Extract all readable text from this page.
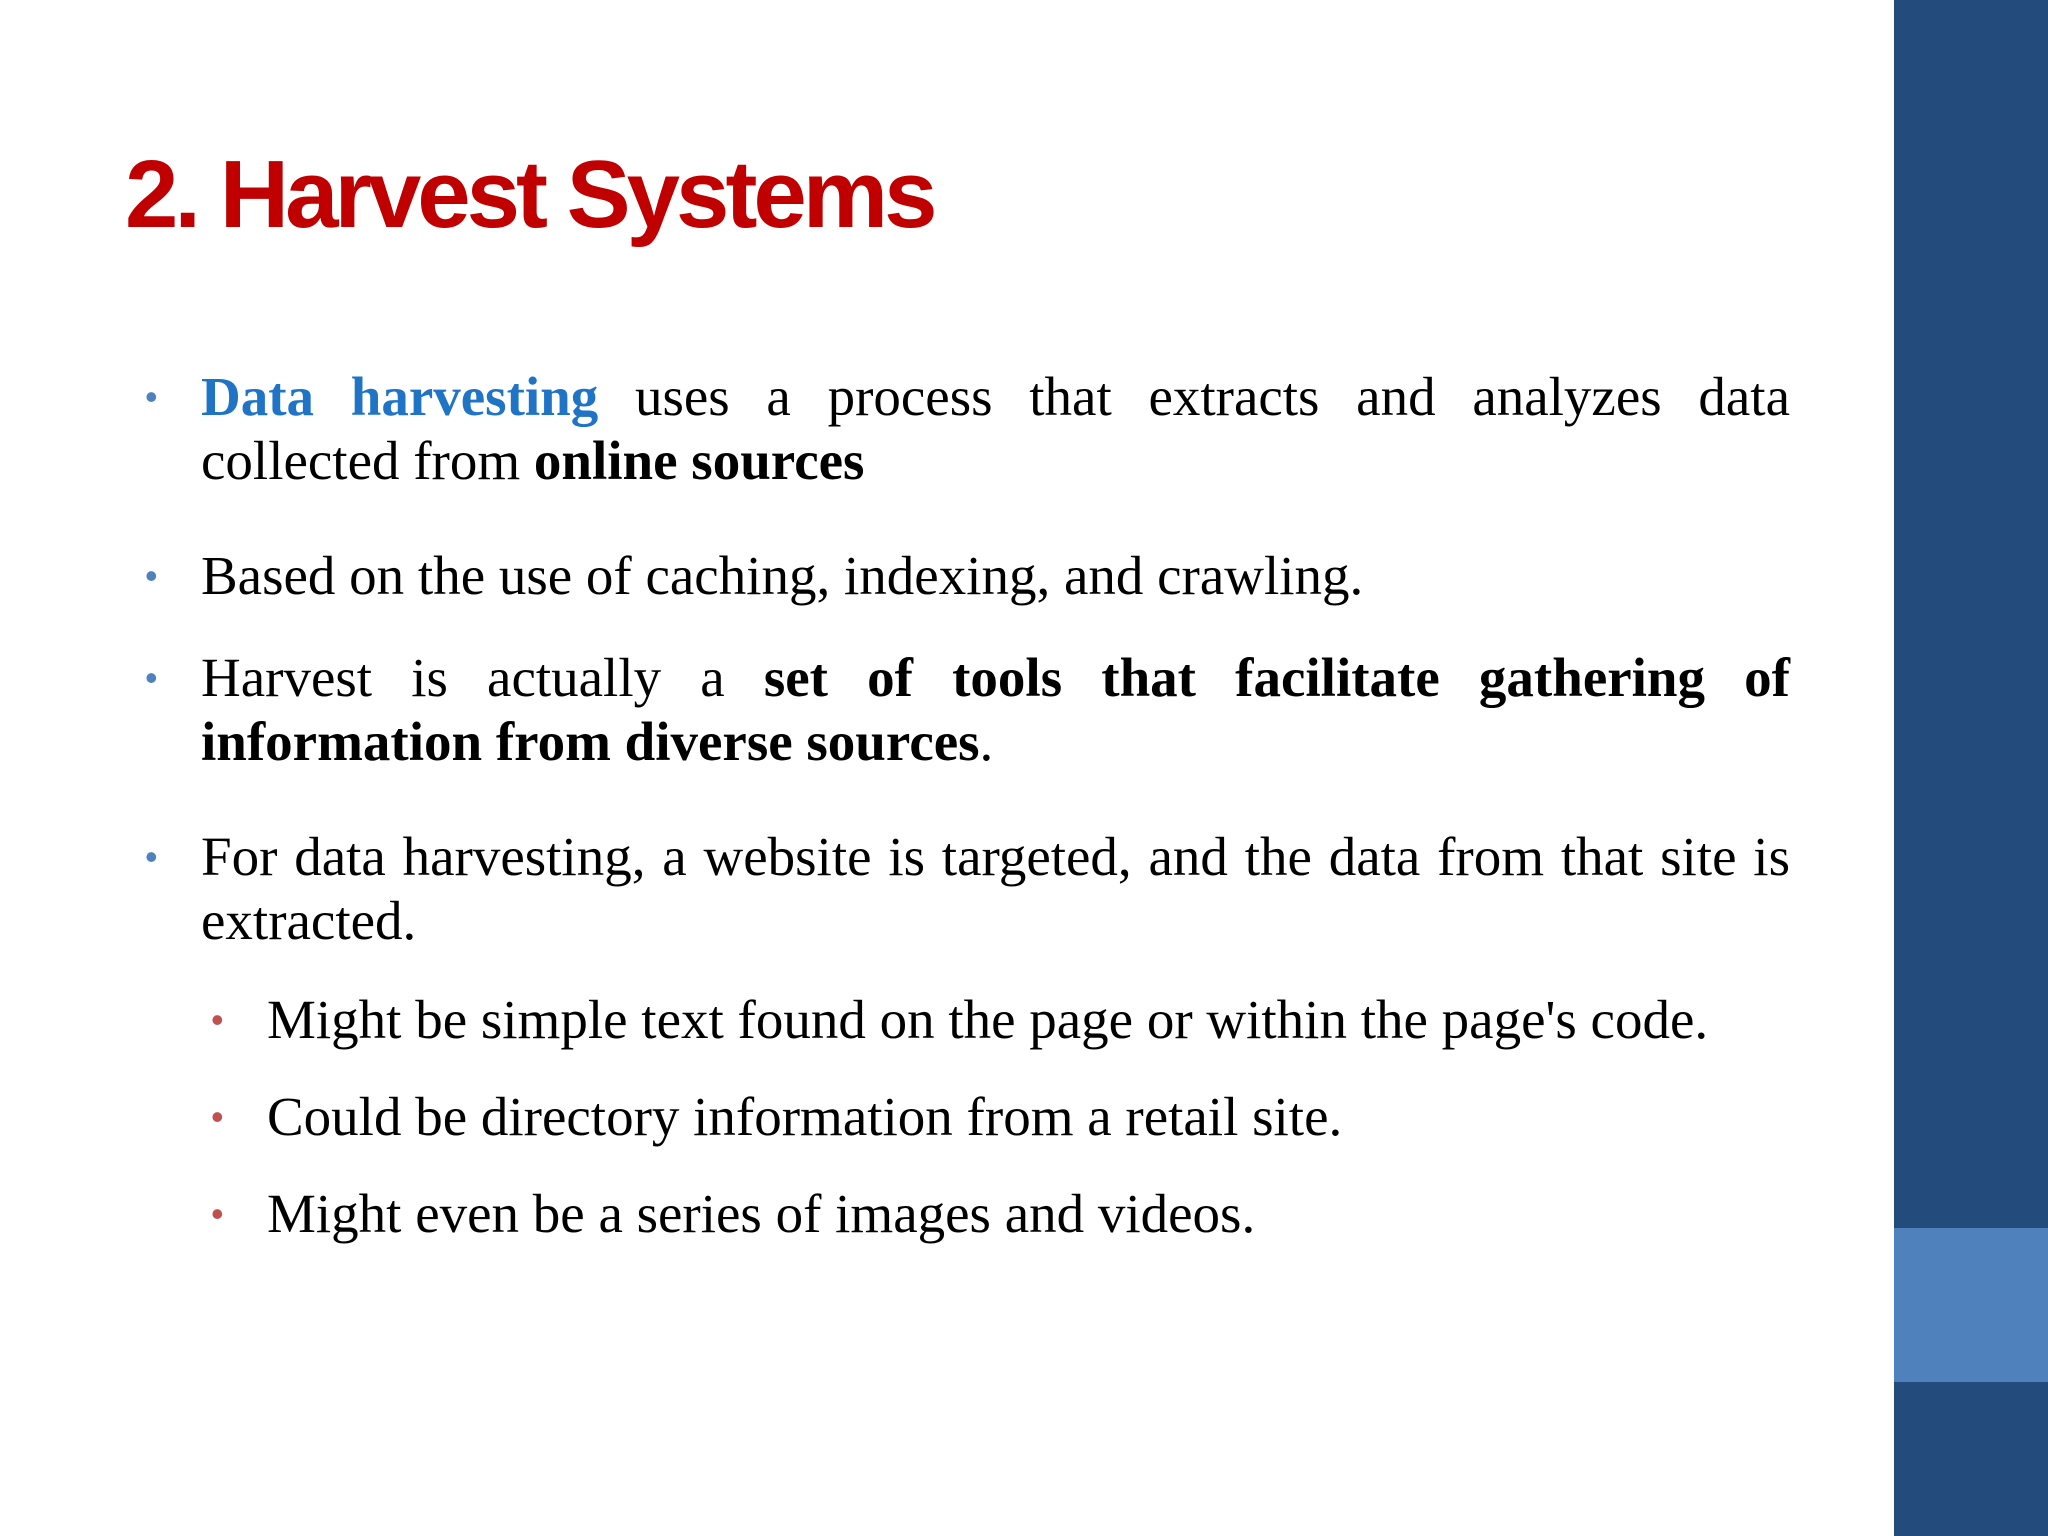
2. Harvest Systems
• Data harvesting uses a process that extracts and analyzes data collected from online sources
• Based on the use of caching, indexing, and crawling.
• Harvest is actually a set of tools that facilitate gathering of information from diverse sources.
• For data harvesting, a website is targeted, and the data from that site is extracted.
• Might be simple text found on the page or within the page's code.
• Could be directory information from a retail site.
• Might even be a series of images and videos.
